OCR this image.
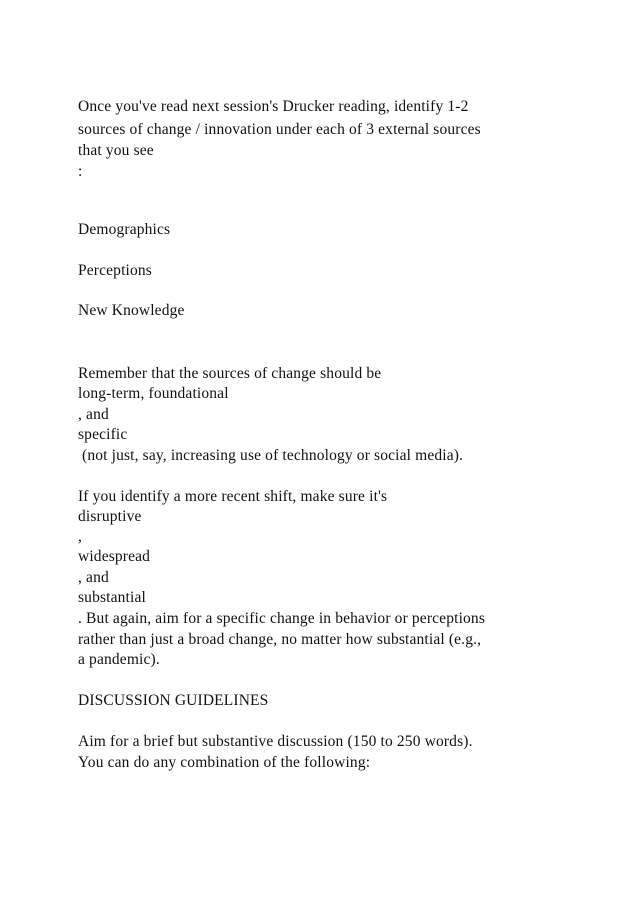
Once you've read next session's Drucker reading, identify 1-2
sources of change / innovation under each of 3 external sources
that you see
:
Demographics
Perceptions
New Knowledge
Remember that the sources of change should be
long-term, foundational
, and
specific
(not just, say, increasing use of technology or social media).
If you identify a more recent shift, make sure it's
disruptive
,
widespread
, and
substantial
. But again, aim for a specific change in behavior or perceptions
rather than just a broad change, no matter how substantial (e.g.,
a pandemic).
DISCUSSION GUIDELINES
Aim for a brief but substantive discussion (150 to 250 words).
You can do any combination of the following:
